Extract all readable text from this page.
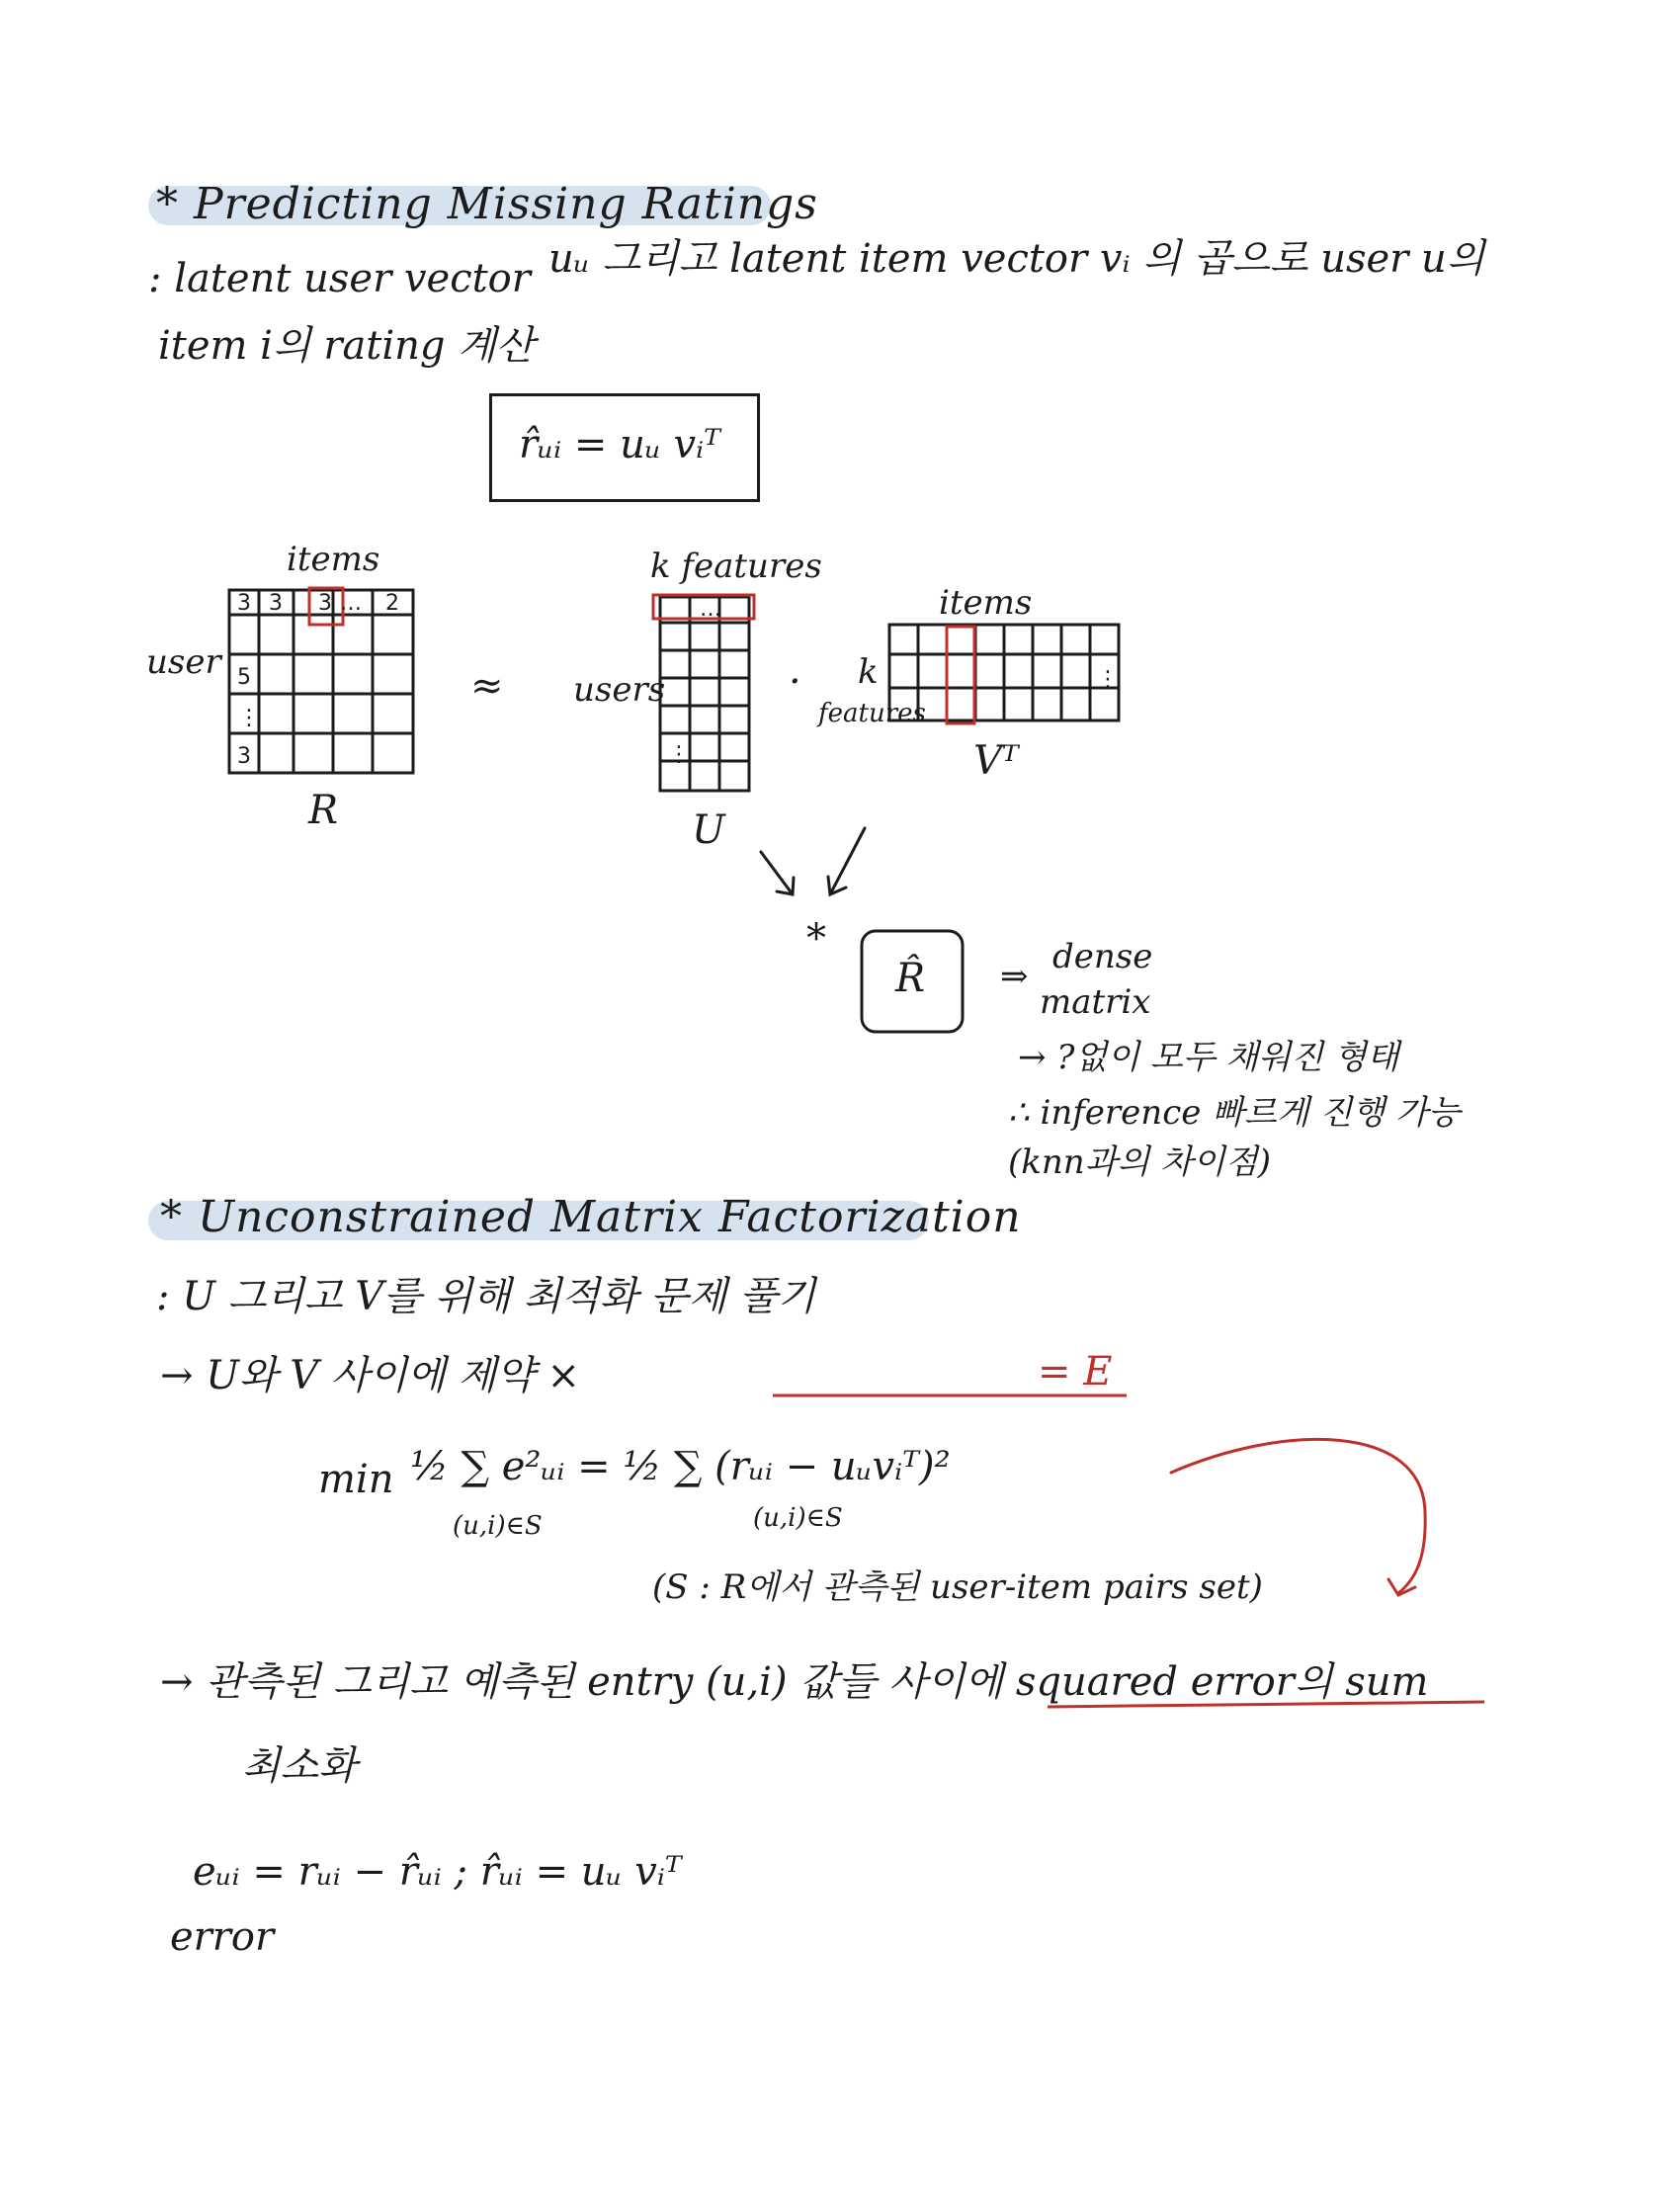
* Predicting Missing Ratings
: latent user vector uᵤ 그리고 latent item vector vᵢ 의 곱으로 user u의
item i의 rating 계산
r̂ᵤᵢ = uᵤ vᵢᵀ
3 3 3 … 2
5
⋮
3
…
⋮
⋮
items
user
R
≈
k features
users
U
·
items
k
features
Vᵀ
*
R̂ ⇒ dense
matrix
→ ?없이 모두 채워진 형태
∴ inference 빠르게 진행 가능
(knn과의 차이점)
* Unconstrained Matrix Factorization
: U 그리고 V를 위해 최적화 문제 풀기
→ U와 V 사이에 제약 ×	= E
min ½ ∑ e²ᵤᵢ = ½ ∑ (rᵤᵢ − uᵤvᵢᵀ)²
(u,i)∈S	(u,i)∈S
(S : R에서 관측된 user-item pairs set)
→ 관측된 그리고 예측된 entry (u,i) 값들 사이에 squared error의 sum
최소화
eᵤᵢ = rᵤᵢ − r̂ᵤᵢ ; r̂ᵤᵢ = uᵤ vᵢᵀ
error
